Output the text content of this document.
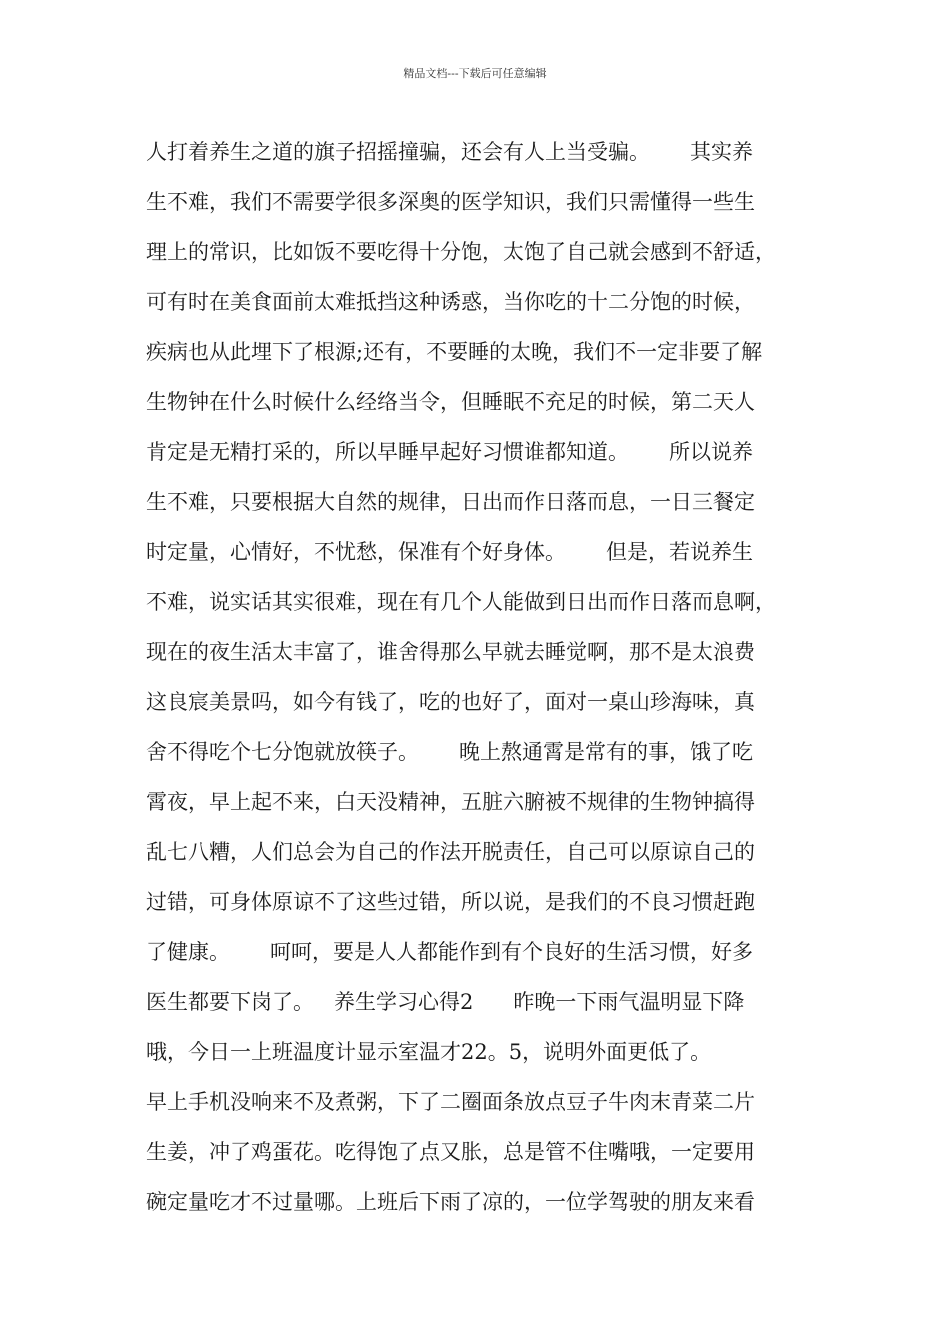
精品文档---下载后可任意编辑
人打着养生之道的旗子招摇撞骗，还会有人上当受骗。      其实养
生不难，我们不需要学很多深奥的医学知识，我们只需懂得一些生
理上的常识，比如饭不要吃得十分饱，太饱了自己就会感到不舒适，
可有时在美食面前太难抵挡这种诱惑，当你吃的十二分饱的时候，
疾病也从此埋下了根源;还有，不要睡的太晚，我们不一定非要了解
生物钟在什么时候什么经络当令，但睡眠不充足的时候，第二天人
肯定是无精打采的，所以早睡早起好习惯谁都知道。      所以说养
生不难，只要根据大自然的规律，日出而作日落而息，一日三餐定
时定量，心情好，不忧愁，保准有个好身体。      但是，若说养生
不难，说实话其实很难，现在有几个人能做到日出而作日落而息啊，
现在的夜生活太丰富了，谁舍得那么早就去睡觉啊，那不是太浪费
这良宸美景吗，如今有钱了，吃的也好了，面对一桌山珍海味，真
舍不得吃个七分饱就放筷子。      晚上熬通霄是常有的事，饿了吃
霄夜，早上起不来，白天没精神，五脏六腑被不规律的生物钟搞得
乱七八糟，人们总会为自己的作法开脱责任，自己可以原谅自己的
过错，可身体原谅不了这些过错，所以说，是我们的不良习惯赶跑
了健康。      呵呵，要是人人都能作到有个良好的生活习惯，好多
医生都要下岗了。   养生学习心得2      昨晚一下雨气温明显下降
哦，今日一上班温度计显示室温才22。5，说明外面更低了。
早上手机没响来不及煮粥，下了二圈面条放点豆子牛肉末青菜二片
生姜，冲了鸡蛋花。吃得饱了点又胀，总是管不住嘴哦，一定要用
碗定量吃才不过量哪。上班后下雨了凉的，一位学驾驶的朋友来看
